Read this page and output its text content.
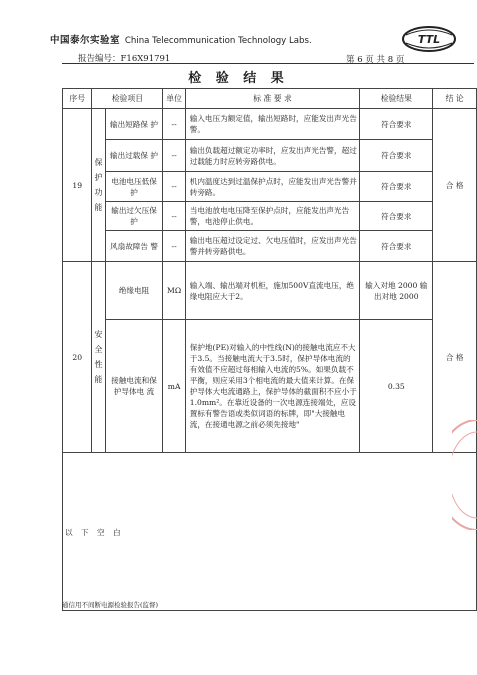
中国泰尔实验室 China Telecommunication Technology Labs.	TTL
报告编号：F16X91791	第 6 页 共 8 页
检 验 结 果
序号	检验项目		单位	标 准 要 求	检验结果	结 论
19	保护功能	输出短路保 护	--	输入电压为额定值，输出短路时，应能发出声光告警。	符合要求	合 格
		输出过载保 护	--	输出负载超过额定功率时，应发出声光告警，超过过载能力时应转旁路供电。	符合要求	
		电池电压低保 护	--	机内温度达到过温保护点时，应能发出声光告警并转旁路。	符合要求	
		输出过欠压保 护	--	当电池放电电压降至保护点时，应能发出声光告警，电池停止供电。	符合要求	
		风扇故障告 警	--	输出电压超过设定过、欠电压值时，应发出声光告警并转旁路供电。	符合要求	
20	安全性能	绝缘电阻	MΩ	输入端、输出端对机柜，施加500V直流电压，绝缘电阻应大于2。	输入对地 2000 输出对地 2000	合 格
		接触电流和保护导体电 流	mA	保护地(PE)对输入的中性线(N)的接触电流应不大于3.5。当接触电流大于3.5时，保护导体电流的有效值不应超过每相输入电流的5%。如果负载不平衡，则应采用3个相电流的最大值来计算。在保护导体大电流通路上，保护导体的截面积不应小于1.0mm²。在靠近设备的一次电源连接端处，应设置标有警告语或类似词语的标牌，即"大接触电流，在接通电源之前必须先接地"	0.35	

以 下 空 白						
通信用不间断电源检验报告(监督)
